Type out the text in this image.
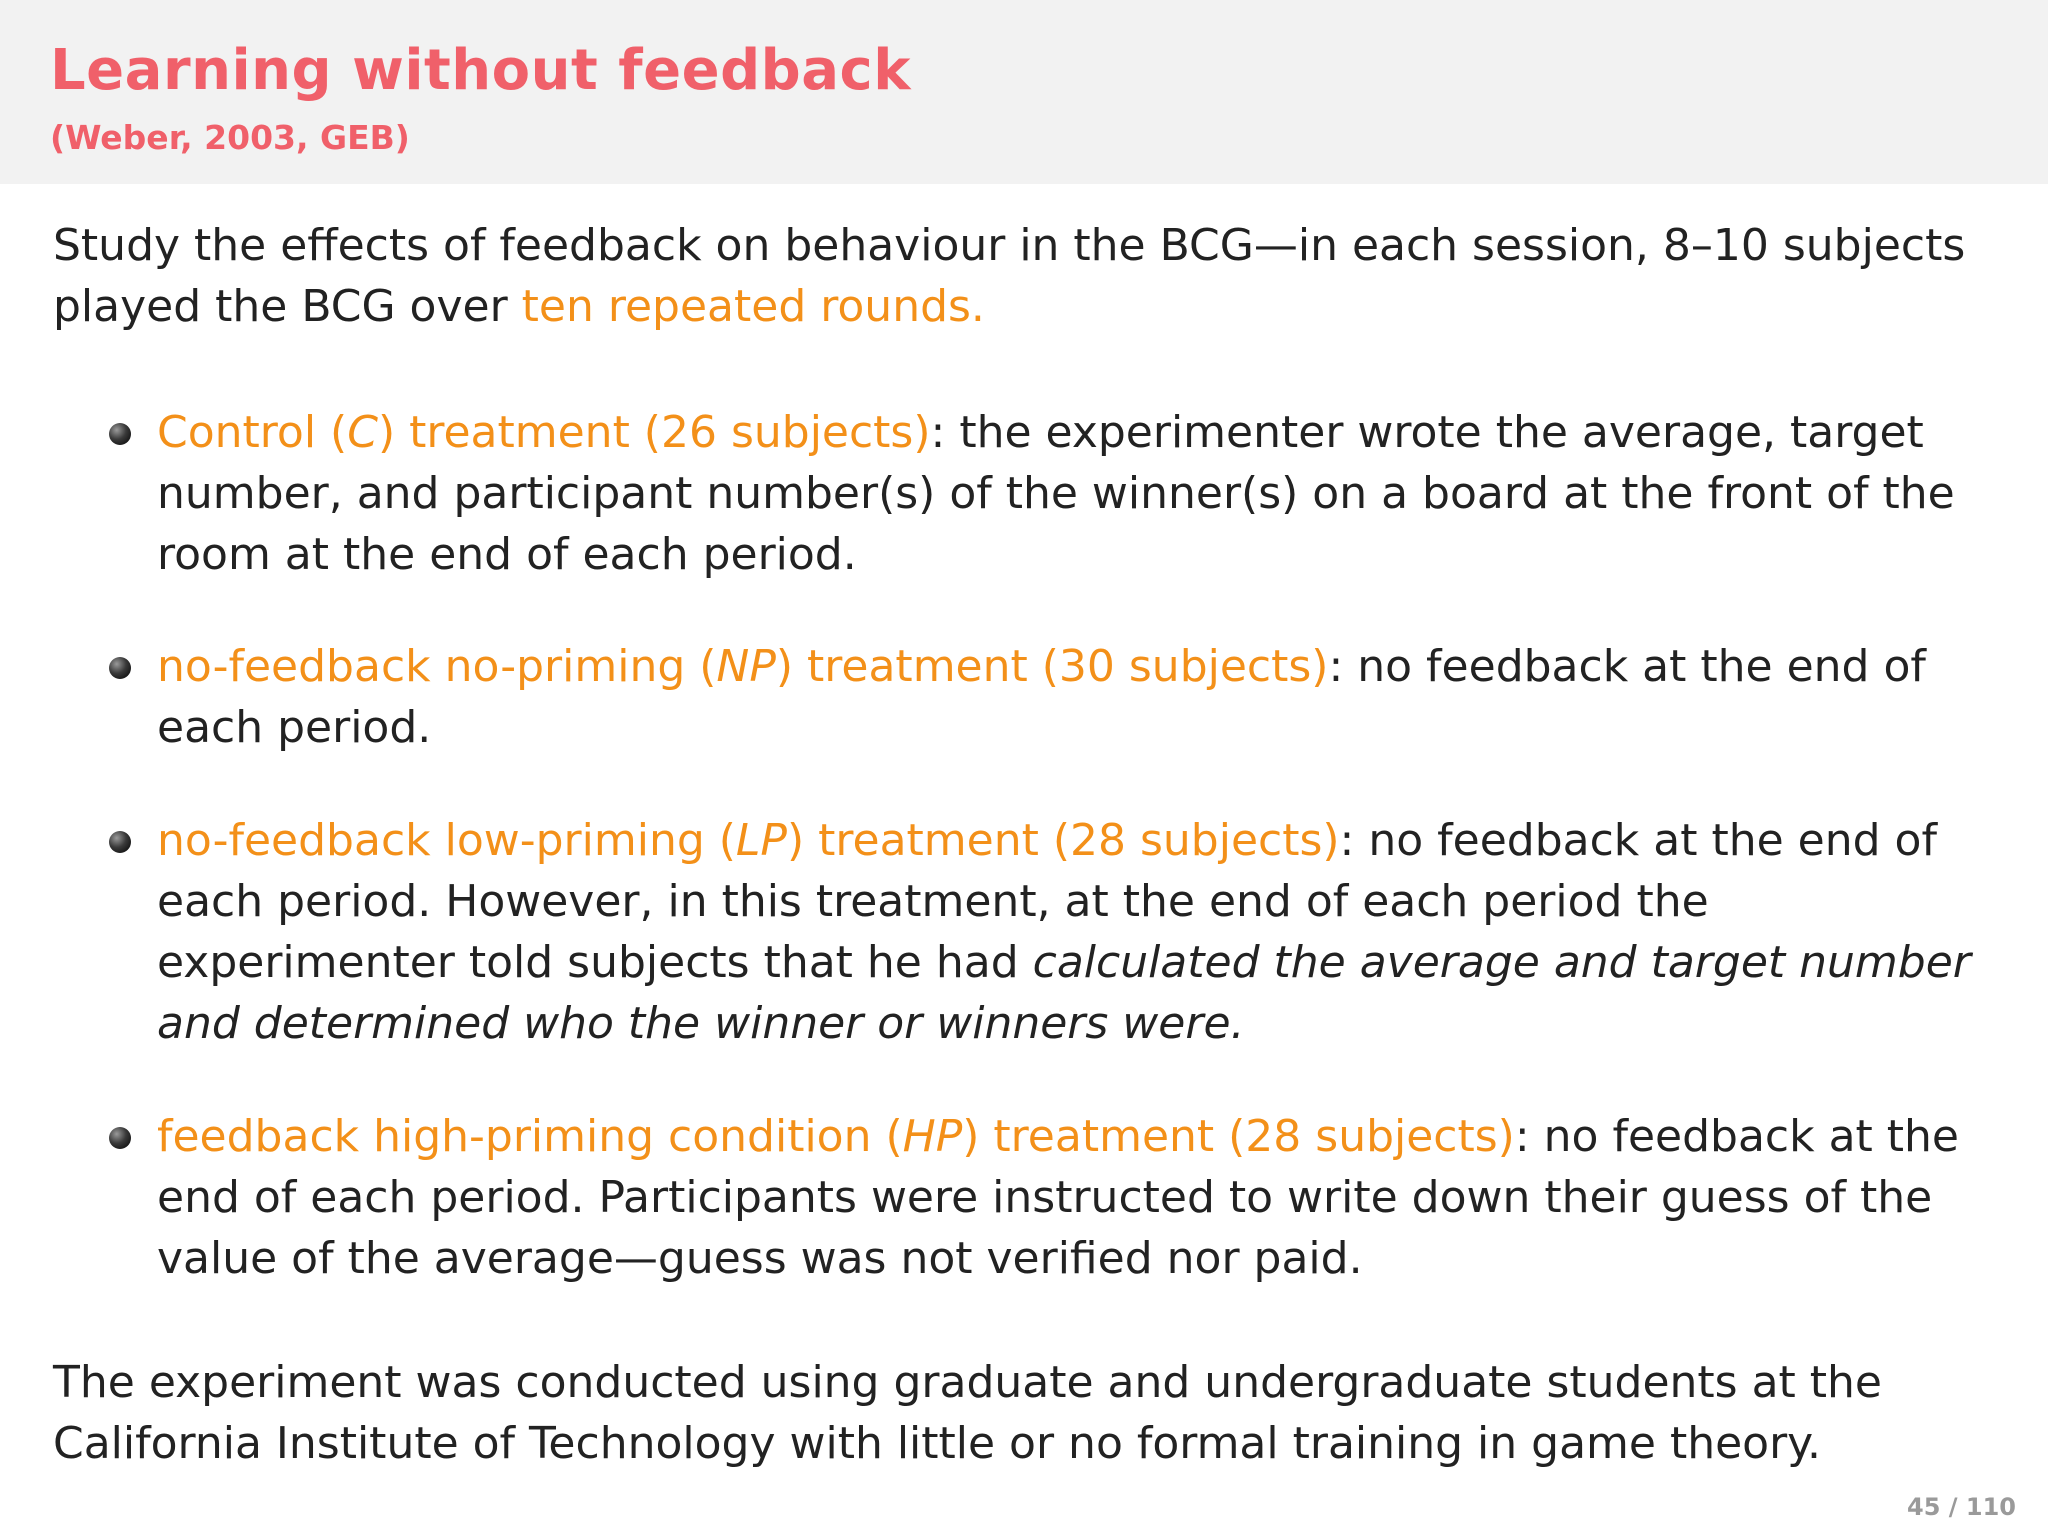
Learning without feedback
(Weber, 2003, GEB)
Study the effects of feedback on behaviour in the BCG—in each session, 8–10 subjects played the BCG over ten repeated rounds.
Control (C) treatment (26 subjects): the experimenter wrote the average, target number, and participant number(s) of the winner(s) on a board at the front of the room at the end of each period.
no-feedback no-priming (NP) treatment (30 subjects): no feedback at the end of each period.
no-feedback low-priming (LP) treatment (28 subjects): no feedback at the end of each period. However, in this treatment, at the end of each period the experimenter told subjects that he had calculated the average and target number and determined who the winner or winners were.
feedback high-priming condition (HP) treatment (28 subjects): no feedback at the end of each period. Participants were instructed to write down their guess of the value of the average—guess was not verified nor paid.
The experiment was conducted using graduate and undergraduate students at the California Institute of Technology with little or no formal training in game theory.
45 / 110
